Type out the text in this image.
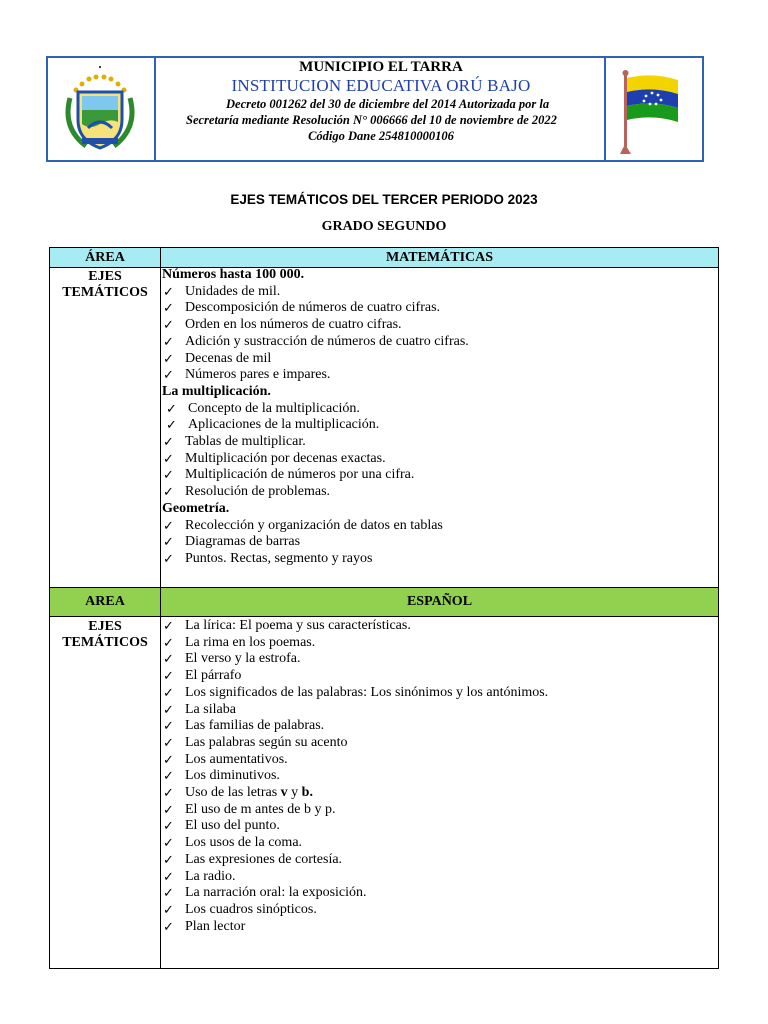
MUNICIPIO EL TARRA
INSTITUCION EDUCATIVA ORÚ BAJO
Decreto 001262 del 30 de diciembre del 2014 Autorizada por la
Secretaría mediante Resolución N° 006666 del 10 de noviembre de 2022
Código Dane 254810000106
EJES TEMÁTICOS DEL TERCER PERIODO 2023
GRADO SEGUNDO
ÁREA	MATEMÁTICAS
EJES
TEMÁTICOS
Números hasta 100 000.
✓ Unidades de mil.
✓ Descomposición de números de cuatro cifras.
✓ Orden en los números de cuatro cifras.
✓ Adición y sustracción de números de cuatro cifras.
✓ Decenas de mil
✓ Números pares e impares.
La multiplicación.
✓ Concepto de la multiplicación.
✓ Aplicaciones de la multiplicación.
✓ Tablas de multiplicar.
✓ Multiplicación por decenas exactas.
✓ Multiplicación de números por una cifra.
✓ Resolución de problemas.
Geometría.
✓ Recolección y organización de datos en tablas
✓ Diagramas de barras
✓ Puntos. Rectas, segmento y rayos
AREA	ESPAÑOL
EJES
TEMÁTICOS
✓ La lírica: El poema y sus características.
✓ La rima en los poemas.
✓ El verso y la estrofa.
✓ El párrafo
✓ Los significados de las palabras: Los sinónimos y los antónimos.
✓ La silaba
✓ Las familias de palabras.
✓ Las palabras según su acento
✓ Los aumentativos.
✓ Los diminutivos.
✓ Uso de las letras v y b.
✓ El uso de m antes de b y p.
✓ El uso del punto.
✓ Los usos de la coma.
✓ Las expresiones de cortesía.
✓ La radio.
✓ La narración oral: la exposición.
✓ Los cuadros sinópticos.
✓ Plan lector
